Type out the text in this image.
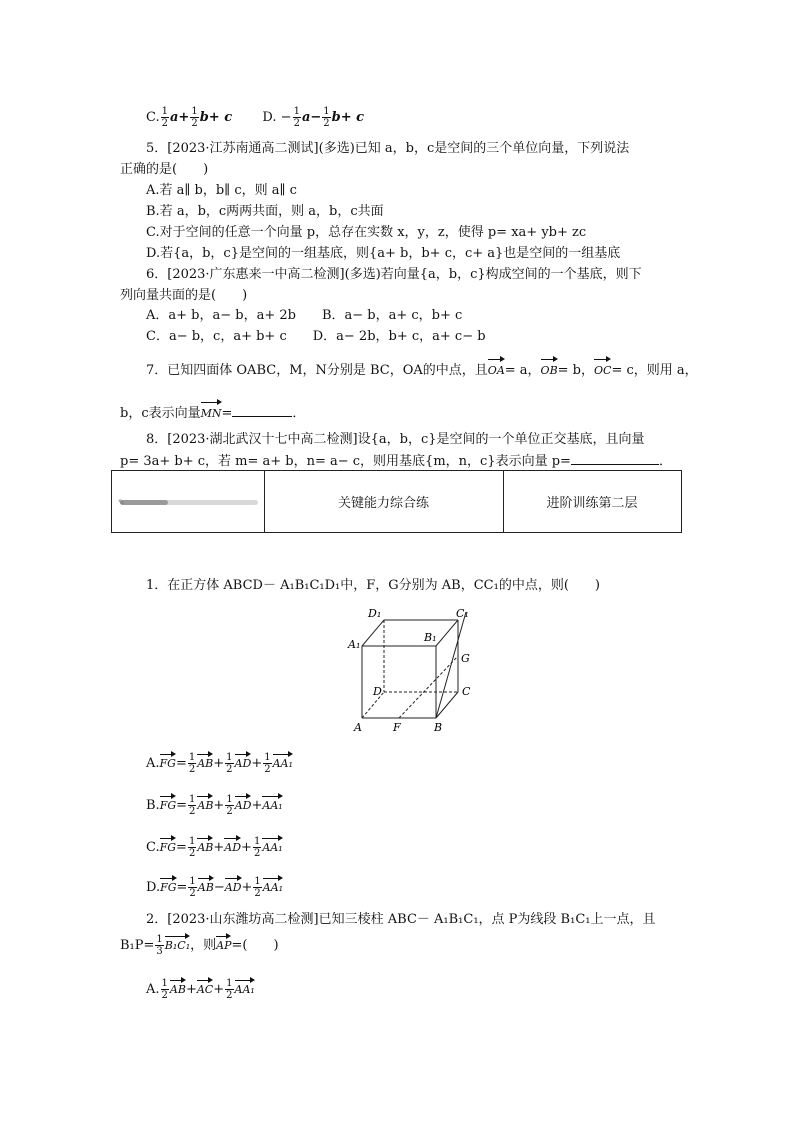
C. $\frac{1}{2} a+ \frac{1}{2} b+ c$ D. − $\frac{1}{2} a- \frac{1}{2} b+ c$
5．[2023·江苏南通高二测试](多选)已知 a，b，c是空间的三个单位向量，下列说法
正确的是(　　)
A.若 a∥ b，b∥ c，则 a∥ c
B.若 a，b，c两两共面，则 a，b，c共面
C.对于空间的任意一个向量 p，总存在实数 x，y，z，使得 p= xa+ yb+ zc
D.若{a，b，c}是空间的一组基底，则{a+ b，b+ c，c+ a}也是空间的一组基底
6．[2023·广东惠来一中高二检测](多选)若向量{a，b，c}构成空间的一个基底，则下
列向量共面的是(　　)
A．a+ b，a− b，a+ 2b　　B．a− b，a+ c，b+ c
C．a− b，c，a+ b+ c　　D．a− 2b，b+ c，a+ c− b
7．已知四面体 OABC，M，N分别是 BC，OA的中点，且OA= a，OB= b，OC= c，则用 a，
b，c表示向量MN=	．
8．[2023·湖北武汉十七中高二检测]设{a，b，c}是空间的一个单位正交基底，且向量
p= 3a+ b+ c，若 m= a+ b，n= a− c，则用基底{m，n，c}表示向量 p=	．
✎	关键能力综合练	进阶训练第二层
1．在正方体 ABCD－ A₁B₁C₁D₁中，F，G分别为 AB，CC₁的中点，则(　　)
D₁	C₁
A₁
B₁
G
D	C
A	F	B
$A.FG= \frac{1}{2} AB+ \frac{1}{2} AD+ \frac{1}{2} AA_1$
$B.FG= \frac{1}{2} AB+ \frac{1}{2} AD+AA_1$
$C.FG= \frac{1}{2} AB+AD+ \frac{1}{2} AA_1$
$D.FG= \frac{1}{2} AB-AD+ \frac{1}{2} AA_1$
2．[2023·山东潍坊高二检测]已知三棱柱 ABC－ A₁B₁C₁，点 P为线段 B₁C₁上一点，且
$B_1P= \frac{1}{3} B_1C_1$，则AP=(　　)
A. $\frac{1}{2} AB+AC+ \frac{1}{2} AA_1$
